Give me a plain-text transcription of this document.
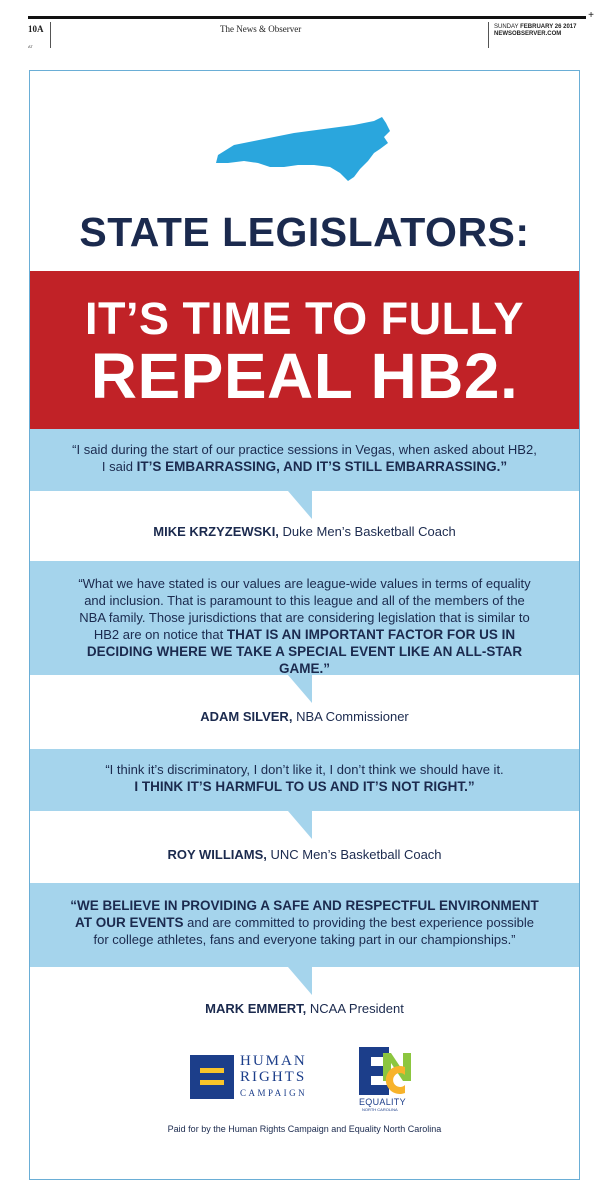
10A	The News & Observer	SUNDAY FEBRUARY 26 2017
NEWSOBSERVER.COM
AT
+
STATE LEGISLATORS:
IT’S TIME TO FULLY
REPEAL HB2.
“I said during the start of our practice sessions in Vegas, when asked about HB2, I said IT’S EMBARRASSING, AND IT’S STILL EMBARRASSING.”
MIKE KRZYZEWSKI, Duke Men’s Basketball Coach
“What we have stated is our values are league-wide values in terms of equality and inclusion. That is paramount to this league and all of the members of the NBA family. Those jurisdictions that are considering legislation that is similar to HB2 are on notice that THAT IS AN IMPORTANT FACTOR FOR US IN DECIDING WHERE WE TAKE A SPECIAL EVENT LIKE AN ALL-STAR GAME.”
ADAM SILVER, NBA Commissioner
“I think it’s discriminatory, I don’t like it, I don’t think we should have it.
I THINK IT’S HARMFUL TO US AND IT’S NOT RIGHT.”
ROY WILLIAMS, UNC Men’s Basketball Coach
“WE BELIEVE IN PROVIDING A SAFE AND RESPECTFUL ENVIRONMENT AT OUR EVENTS and are committed to providing the best experience possible for college athletes, fans and everyone taking part in our championships.”
MARK EMMERT, NCAA President
HUMAN
RIGHTS
CAMPAIGN
EQUALITY
NORTH CAROLINA
Paid for by the Human Rights Campaign and Equality North Carolina
